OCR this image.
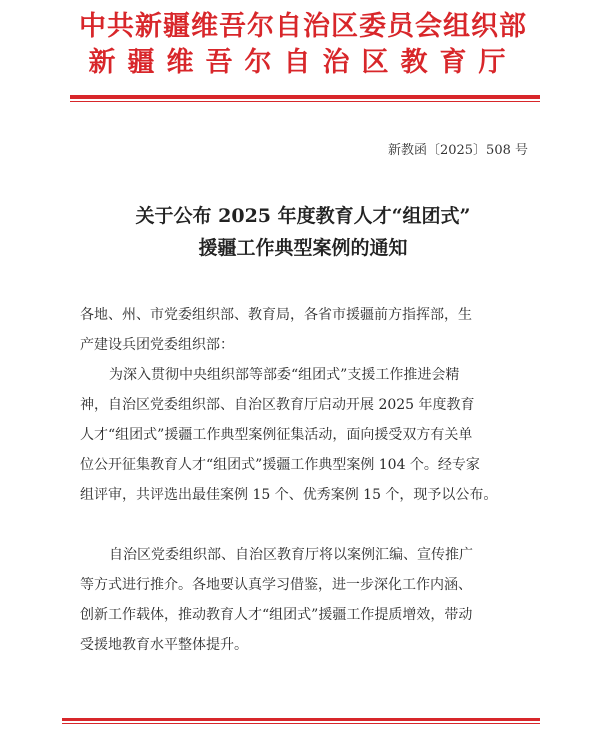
中共新疆维吾尔自治区委员会组织部
新疆维吾尔自治区教育厅
新教函〔2025〕508 号
关于公布 2025 年度教育人才“组团式”
援疆工作典型案例的通知
各地、州、市党委组织部、教育局，各省市援疆前方指挥部，生
产建设兵团党委组织部：
为深入贯彻中央组织部等部委“组团式”支援工作推进会精
神，自治区党委组织部、自治区教育厅启动开展 2025 年度教育
人才“组团式”援疆工作典型案例征集活动，面向援受双方有关单
位公开征集教育人才“组团式”援疆工作典型案例 104 个。经专家
组评审，共评选出最佳案例 15 个、优秀案例 15 个，现予以公布。
自治区党委组织部、自治区教育厅将以案例汇编、宣传推广
等方式进行推介。各地要认真学习借鉴，进一步深化工作内涵、
创新工作载体，推动教育人才“组团式”援疆工作提质增效，带动
受援地教育水平整体提升。
